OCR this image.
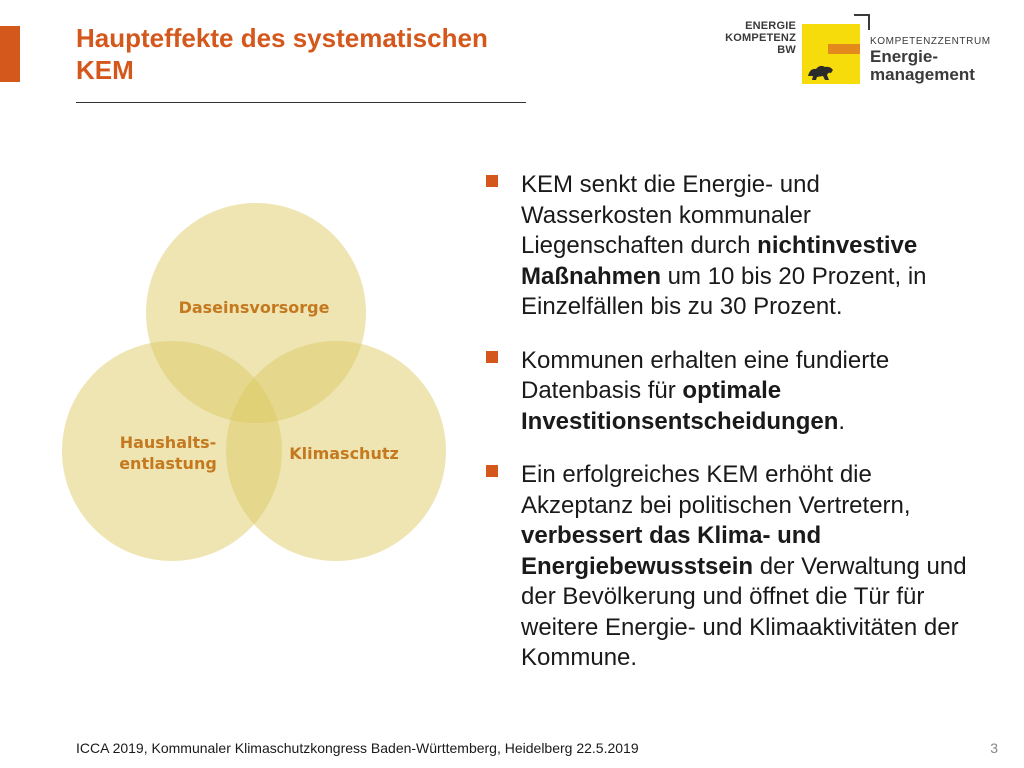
Haupteffekte des systematischen
KEM
ENERGIE
KOMPETENZ
BW
KOMPETENZZENTRUM
Energie-
management
Daseinsvorsorge
Haushalts-
entlastung
Klimaschutz
KEM senkt die Energie- und Wasserkosten kommunaler Liegenschaften durch nichtinvestive Maßnahmen um 10 bis 20 Prozent, in Einzelfällen bis zu 30 Prozent.
Kommunen erhalten eine fundierte Datenbasis für optimale Investitionsentscheidungen.
Ein erfolgreiches KEM erhöht die Akzeptanz bei politischen Vertretern, verbessert das Klima- und Energiebewusstsein der Verwaltung und der Bevölkerung und öffnet die Tür für weitere Energie- und Klimaaktivitäten der Kommune.
ICCA 2019, Kommunaler Klimaschutzkongress Baden-Württemberg, Heidelberg 22.5.2019	3
